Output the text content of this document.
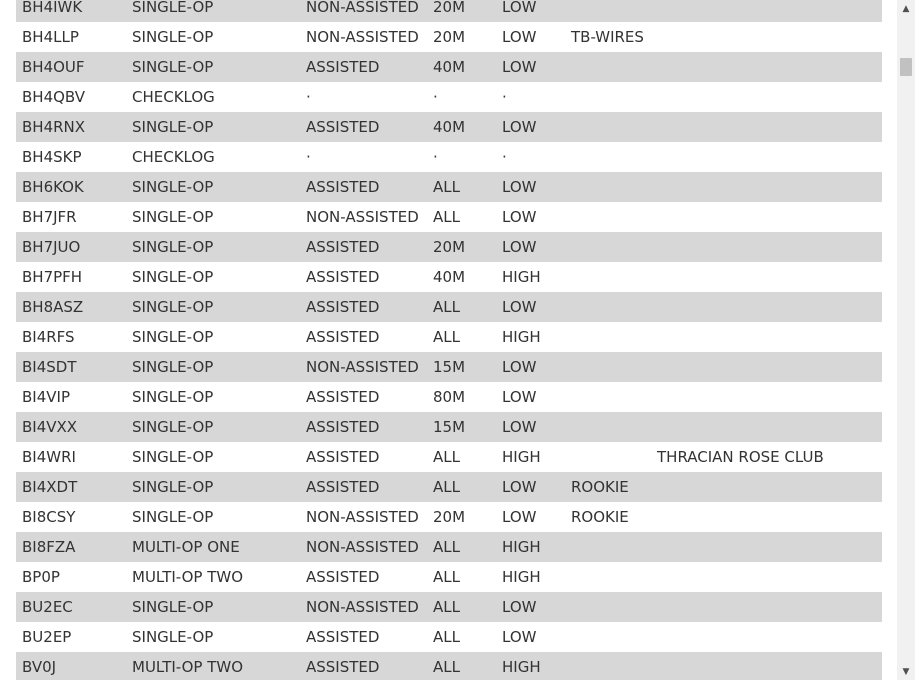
BH4IWK	SINGLE-OP	NON-ASSISTED	20M	LOW		
BH4LLP	SINGLE-OP	NON-ASSISTED	20M	LOW	TB-WIRES	
BH4OUF	SINGLE-OP	ASSISTED	40M	LOW		
BH4QBV	CHECKLOG	·	·	·		
BH4RNX	SINGLE-OP	ASSISTED	40M	LOW		
BH4SKP	CHECKLOG	·	·	·		
BH6KOK	SINGLE-OP	ASSISTED	ALL	LOW		
BH7JFR	SINGLE-OP	NON-ASSISTED	ALL	LOW		
BH7JUO	SINGLE-OP	ASSISTED	20M	LOW		
BH7PFH	SINGLE-OP	ASSISTED	40M	HIGH		
BH8ASZ	SINGLE-OP	ASSISTED	ALL	LOW		
BI4RFS	SINGLE-OP	ASSISTED	ALL	HIGH		
BI4SDT	SINGLE-OP	NON-ASSISTED	15M	LOW		
BI4VIP	SINGLE-OP	ASSISTED	80M	LOW		
BI4VXX	SINGLE-OP	ASSISTED	15M	LOW		
BI4WRI	SINGLE-OP	ASSISTED	ALL	HIGH		THRACIAN ROSE CLUB
BI4XDT	SINGLE-OP	ASSISTED	ALL	LOW	ROOKIE	
BI8CSY	SINGLE-OP	NON-ASSISTED	20M	LOW	ROOKIE	
BI8FZA	MULTI-OP ONE	NON-ASSISTED	ALL	HIGH		
BP0P	MULTI-OP TWO	ASSISTED	ALL	HIGH		
BU2EC	SINGLE-OP	NON-ASSISTED	ALL	LOW		
BU2EP	SINGLE-OP	ASSISTED	ALL	LOW		
BV0J	MULTI-OP TWO	ASSISTED	ALL	HIGH		
▲
▼
